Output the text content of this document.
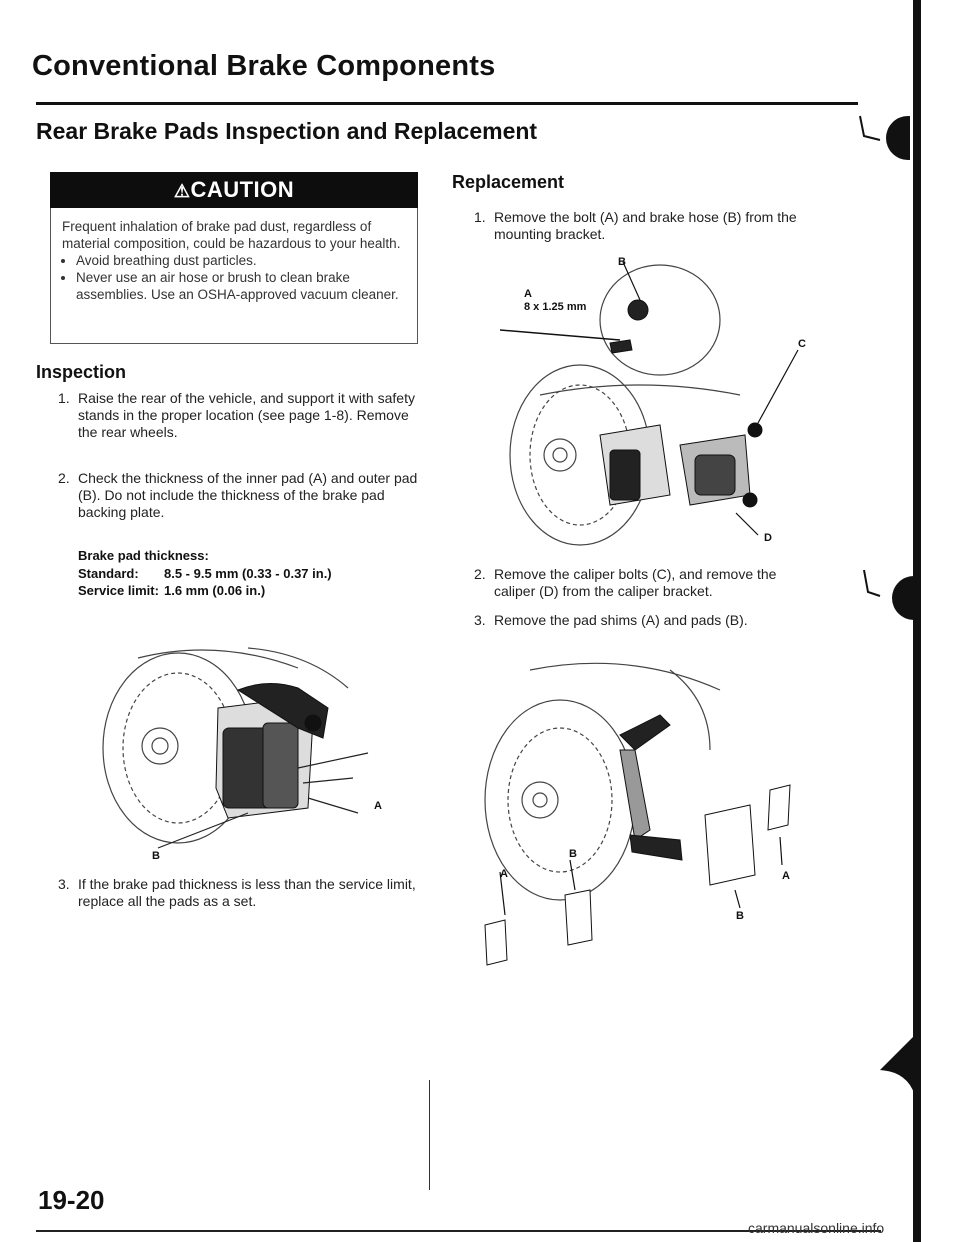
Conventional Brake Components
Rear Brake Pads Inspection and Replacement
⚠CAUTION

Frequent inhalation of brake pad dust, regardless of material composition, could be hazardous to your health.

• Avoid breathing dust particles.
• Never use an air hose or brush to clean brake assemblies. Use an OSHA-approved vacuum cleaner.
Inspection
1. Raise the rear of the vehicle, and support it with safety stands in the proper location (see page 1-8). Remove the rear wheels.
2. Check the thickness of the inner pad (A) and outer pad (B). Do not include the thickness of the brake pad backing plate.
Brake pad thickness:
Standard: 8.5 - 9.5 mm (0.33 - 0.37 in.)
Service limit: 1.6 mm (0.06 in.)
A
B
3. If the brake pad thickness is less than the service limit, replace all the pads as a set.
Replacement
1. Remove the bolt (A) and brake hose (B) from the mounting bracket.
B
A
8 x 1.25 mm
C
D
2. Remove the caliper bolts (C), and remove the caliper (D) from the caliper bracket.
3. Remove the pad shims (A) and pads (B).
A
B
A
B
19-20
carmanualsonline.info
